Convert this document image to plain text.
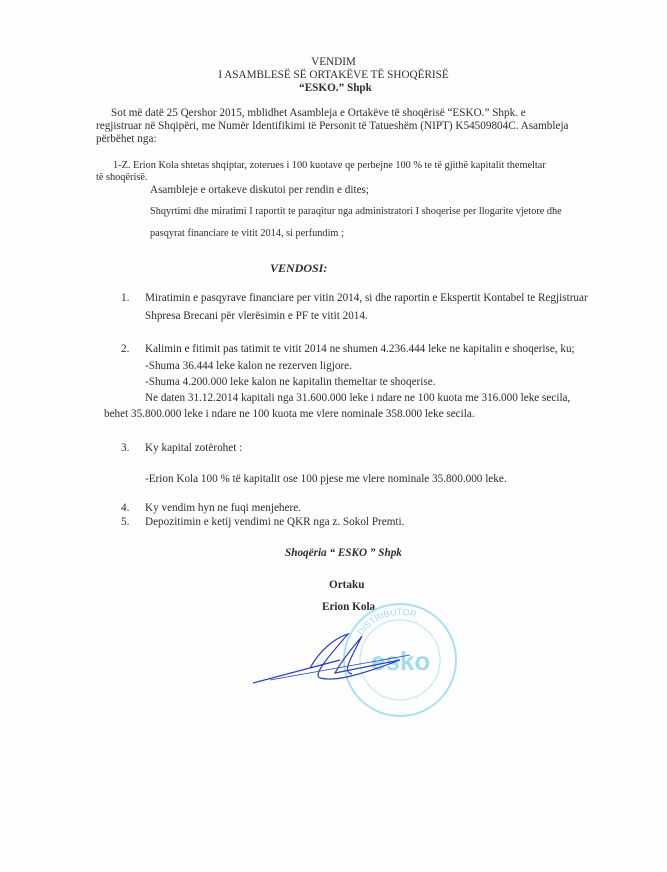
VENDIM
I ASAMBLESË SË ORTAKËVE TË SHOQËRISË
“ESKO.” Shpk
Sot më datë 25 Qershor 2015, mblidhet Asambleja e Ortakëve të shoqërisë “ESKO.” Shpk. e
regjistruar në Shqipëri, me Numër Identifikimi të Personit të Tatueshëm (NIPT) K54509804C. Asambleja
përbëhet nga:
1-Z. Erion Kola shtetas shqiptar, zoterues i 100 kuotave qe perbejne 100 % te të gjithë kapitalit themeltar
të shoqërisë.
Asambleje e ortakeve diskutoi per rendin e dites;
Shqyrtimi dhe miratimi I raportit te paraqitur nga administratori I shoqerise per llogarite vjetore dhe
pasqyrat financiare te vitit 2014, si perfundim ;
VENDOSI:
1. Miratimin e pasqyrave financiare per vitin 2014, si dhe raportin e Ekspertit Kontabel te Regjistruar
Shpresa Brecani për vlerësimin e PF te vitit 2014.
2. Kalimin e fitimit pas tatimit te vitit 2014 ne shumen 4.236.444 leke ne kapitalin e shoqerise, ku;
-Shuma 36.444 leke kalon ne rezerven ligjore.
-Shuma 4.200.000 leke kalon ne kapitalin themeltar te shoqerise.
Ne daten 31.12.2014 kapitali nga 31.600.000 leke i ndare ne 100 kuota me 316.000 leke secila,
behet 35.800.000 leke i ndare ne 100 kuota me vlere nominale 358.000 leke secila.
3. Ky kapital zotërohet :
-Erion Kola 100 % të kapitalit ose 100 pjese me vlere nominale 35.800.000 leke.
4. Ky vendim hyn ne fuqi menjehere.
5. Depozitimin e ketij vendimi ne QKR nga z. Sokol Premti.
Shoqëria “ ESKO ” Shpk
Ortaku
Erion Kola
DISTRIBUTOR
esko
